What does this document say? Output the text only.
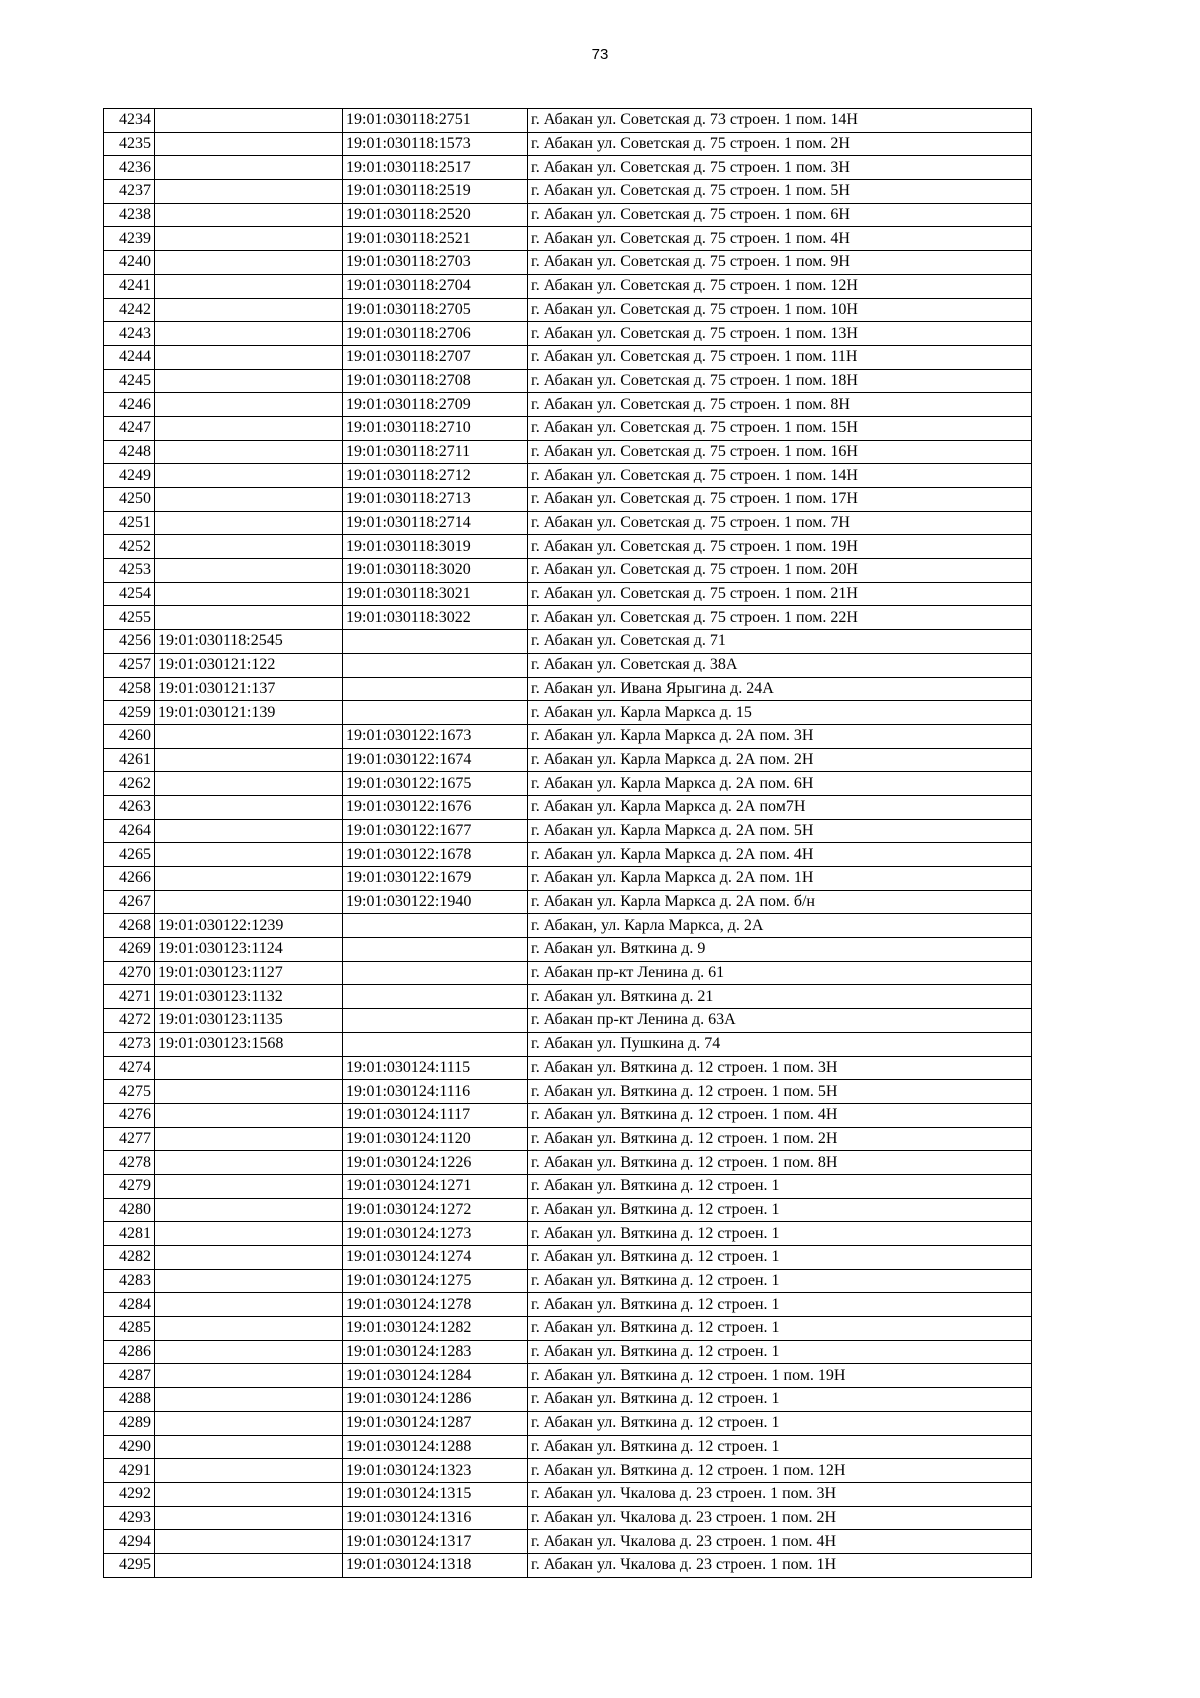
73
4234		19:01:030118:2751	г. Абакан ул. Советская д. 73 строен. 1 пом. 14Н
4235		19:01:030118:1573	г. Абакан ул. Советская д. 75 строен. 1 пом. 2Н
4236		19:01:030118:2517	г. Абакан ул. Советская д. 75 строен. 1 пом. 3Н
4237		19:01:030118:2519	г. Абакан ул. Советская д. 75 строен. 1 пом. 5Н
4238		19:01:030118:2520	г. Абакан ул. Советская д. 75 строен. 1 пом. 6Н
4239		19:01:030118:2521	г. Абакан ул. Советская д. 75 строен. 1 пом. 4Н
4240		19:01:030118:2703	г. Абакан ул. Советская д. 75 строен. 1 пом. 9Н
4241		19:01:030118:2704	г. Абакан ул. Советская д. 75 строен. 1 пом. 12Н
4242		19:01:030118:2705	г. Абакан ул. Советская д. 75 строен. 1 пом. 10Н
4243		19:01:030118:2706	г. Абакан ул. Советская д. 75 строен. 1 пом. 13Н
4244		19:01:030118:2707	г. Абакан ул. Советская д. 75 строен. 1 пом. 11Н
4245		19:01:030118:2708	г. Абакан ул. Советская д. 75 строен. 1 пом. 18Н
4246		19:01:030118:2709	г. Абакан ул. Советская д. 75 строен. 1 пом. 8Н
4247		19:01:030118:2710	г. Абакан ул. Советская д. 75 строен. 1 пом. 15Н
4248		19:01:030118:2711	г. Абакан ул. Советская д. 75 строен. 1 пом. 16Н
4249		19:01:030118:2712	г. Абакан ул. Советская д. 75 строен. 1 пом. 14Н
4250		19:01:030118:2713	г. Абакан ул. Советская д. 75 строен. 1 пом. 17Н
4251		19:01:030118:2714	г. Абакан ул. Советская д. 75 строен. 1 пом. 7Н
4252		19:01:030118:3019	г. Абакан ул. Советская д. 75 строен. 1 пом. 19Н
4253		19:01:030118:3020	г. Абакан ул. Советская д. 75 строен. 1 пом. 20Н
4254		19:01:030118:3021	г. Абакан ул. Советская д. 75 строен. 1 пом. 21Н
4255		19:01:030118:3022	г. Абакан ул. Советская д. 75 строен. 1 пом. 22Н
4256	19:01:030118:2545		г. Абакан ул. Советская д. 71
4257	19:01:030121:122		г. Абакан ул. Советская д. 38А
4258	19:01:030121:137		г. Абакан ул. Ивана Ярыгина д. 24А
4259	19:01:030121:139		г. Абакан ул. Карла Маркса д. 15
4260		19:01:030122:1673	г. Абакан ул. Карла Маркса д. 2А пом. 3Н
4261		19:01:030122:1674	г. Абакан ул. Карла Маркса д. 2А пом. 2Н
4262		19:01:030122:1675	г. Абакан ул. Карла Маркса д. 2А пом. 6Н
4263		19:01:030122:1676	г. Абакан ул. Карла Маркса д. 2А пом7Н
4264		19:01:030122:1677	г. Абакан ул. Карла Маркса д. 2А пом. 5Н
4265		19:01:030122:1678	г. Абакан ул. Карла Маркса д. 2А пом. 4Н
4266		19:01:030122:1679	г. Абакан ул. Карла Маркса д. 2А пом. 1Н
4267		19:01:030122:1940	г. Абакан ул. Карла Маркса д. 2А пом. б/н
4268	19:01:030122:1239		г. Абакан, ул. Карла Маркса, д. 2А
4269	19:01:030123:1124		г. Абакан ул. Вяткина д. 9
4270	19:01:030123:1127		г. Абакан пр-кт Ленина д. 61
4271	19:01:030123:1132		г. Абакан ул. Вяткина д. 21
4272	19:01:030123:1135		г. Абакан пр-кт Ленина д. 63А
4273	19:01:030123:1568		г. Абакан ул. Пушкина д. 74
4274		19:01:030124:1115	г. Абакан ул. Вяткина д. 12 строен. 1 пом. 3Н
4275		19:01:030124:1116	г. Абакан ул. Вяткина д. 12 строен. 1 пом. 5Н
4276		19:01:030124:1117	г. Абакан ул. Вяткина д. 12 строен. 1 пом. 4Н
4277		19:01:030124:1120	г. Абакан ул. Вяткина д. 12 строен. 1 пом. 2Н
4278		19:01:030124:1226	г. Абакан ул. Вяткина д. 12 строен. 1 пом. 8Н
4279		19:01:030124:1271	г. Абакан ул. Вяткина д. 12 строен. 1
4280		19:01:030124:1272	г. Абакан ул. Вяткина д. 12 строен. 1
4281		19:01:030124:1273	г. Абакан ул. Вяткина д. 12 строен. 1
4282		19:01:030124:1274	г. Абакан ул. Вяткина д. 12 строен. 1
4283		19:01:030124:1275	г. Абакан ул. Вяткина д. 12 строен. 1
4284		19:01:030124:1278	г. Абакан ул. Вяткина д. 12 строен. 1
4285		19:01:030124:1282	г. Абакан ул. Вяткина д. 12 строен. 1
4286		19:01:030124:1283	г. Абакан ул. Вяткина д. 12 строен. 1
4287		19:01:030124:1284	г. Абакан ул. Вяткина д. 12 строен. 1 пом. 19Н
4288		19:01:030124:1286	г. Абакан ул. Вяткина д. 12 строен. 1
4289		19:01:030124:1287	г. Абакан ул. Вяткина д. 12 строен. 1
4290		19:01:030124:1288	г. Абакан ул. Вяткина д. 12 строен. 1
4291		19:01:030124:1323	г. Абакан ул. Вяткина д. 12 строен. 1 пом. 12Н
4292		19:01:030124:1315	г. Абакан ул. Чкалова д. 23 строен. 1 пом. 3Н
4293		19:01:030124:1316	г. Абакан ул. Чкалова д. 23 строен. 1 пом. 2Н
4294		19:01:030124:1317	г. Абакан ул. Чкалова д. 23 строен. 1 пом. 4Н
4295		19:01:030124:1318	г. Абакан ул. Чкалова д. 23 строен. 1 пом. 1Н
